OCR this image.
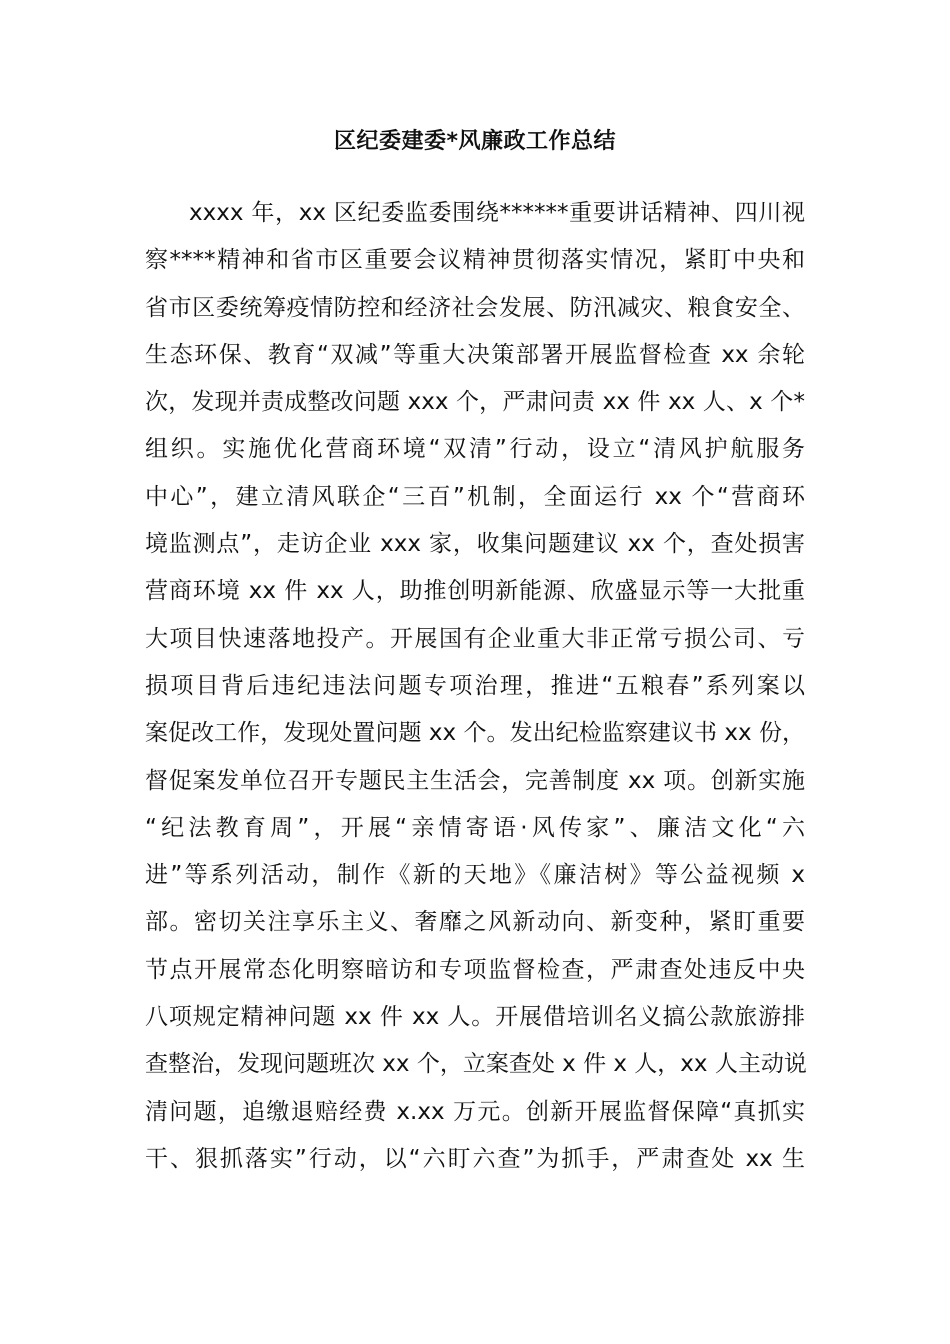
区纪委建委*风廉政工作总结
xxxx 年，xx 区纪委监委围绕******重要讲话精神、四川视
察****精神和省市区重要会议精神贯彻落实情况，紧盯中央和
省市区委统筹疫情防控和经济社会发展、防汛减灾、粮食安全、
生态环保、教育“双减”等重大决策部署开展监督检查 xx 余轮
次，发现并责成整改问题 xxx 个，严肃问责 xx 件 xx 人、x 个*
组织。实施优化营商环境“双清”行动，设立“清风护航服务
中心”，建立清风联企“三百”机制，全面运行 xx 个“营商环
境监测点”，走访企业 xxx 家，收集问题建议 xx 个，查处损害
营商环境 xx 件 xx 人，助推创明新能源、欣盛显示等一大批重
大项目快速落地投产。开展国有企业重大非正常亏损公司、亏
损项目背后违纪违法问题专项治理，推进“五粮春”系列案以
案促改工作，发现处置问题 xx 个。发出纪检监察建议书 xx 份，
督促案发单位召开专题民主生活会，完善制度 xx 项。创新实施
“纪法教育周”，开展“亲情寄语·风传家”、廉洁文化“六
进”等系列活动，制作《新的天地》《廉洁树》等公益视频 x
部。密切关注享乐主义、奢靡之风新动向、新变种，紧盯重要
节点开展常态化明察暗访和专项监督检查，严肃查处违反中央
八项规定精神问题 xx 件 xx 人。开展借培训名义搞公款旅游排
查整治，发现问题班次 xx 个，立案查处 x 件 x 人，xx 人主动说
清问题，追缴退赔经费 x.xx 万元。创新开展监督保障“真抓实
干、狠抓落实”行动，以“六盯六查”为抓手，严肃查处 xx 生
